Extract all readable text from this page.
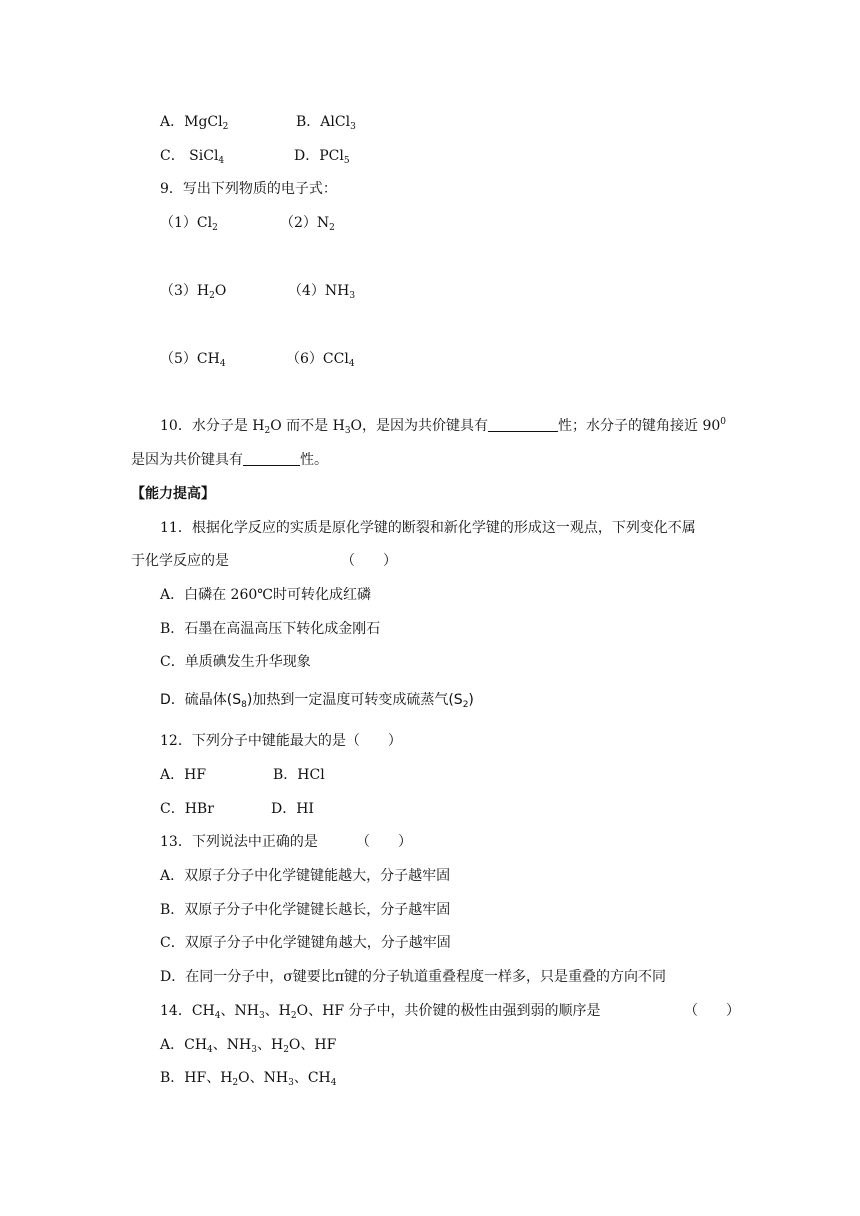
A．MgCl$_2$	B．AlCl$_3$
C． SiCl$_4$	D．PCl$_5$
9．写出下列物质的电子式：
$(1)Cl_2$	$(2)N_2$
$(3)H_2O$	$(4)NH_3$
$(5)CH_4$	（6）CCl$_4$
10．水分子是 $H_2O$ 而不是 $H_3O$，是因为共价键具有	性；水分子的键角接近 $90^0$
是因为共价键具有	性。
【能力提高】
11．根据化学反应的实质是原化学键的断裂和新化学键的形成这一观点，下列变化不属
于化学反应的是	（　　）
A．白磷在 260℃时可转化成红磷
B．石墨在高温高压下转化成金刚石
C．单质碘发生升华现象
D．硫晶体$(S_8)$加热到一定温度可转变成硫蒸气$(S_2)$
12．下列分子中键能最大的是（　　）
A．HF	B．HCl
C．HBr	D．HI
13．下列说法中正确的是	（　　）
A．双原子分子中化学键键能越大，分子越牢固
B．双原子分子中化学键键长越长，分子越牢固
C．双原子分子中化学键键角越大，分子越牢固
D．在同一分子中，σ键要比π键的分子轨道重叠程度一样多，只是重叠的方向不同
14．$CH_4$、$NH_3$、$H_2O$、HF 分子中，共价键的极性由强到弱的顺序是	（　　）
A．$CH_4$、$NH_3$、$H_2O$、HF
B．HF、$H_2O$、$NH_3$、$CH_4$
